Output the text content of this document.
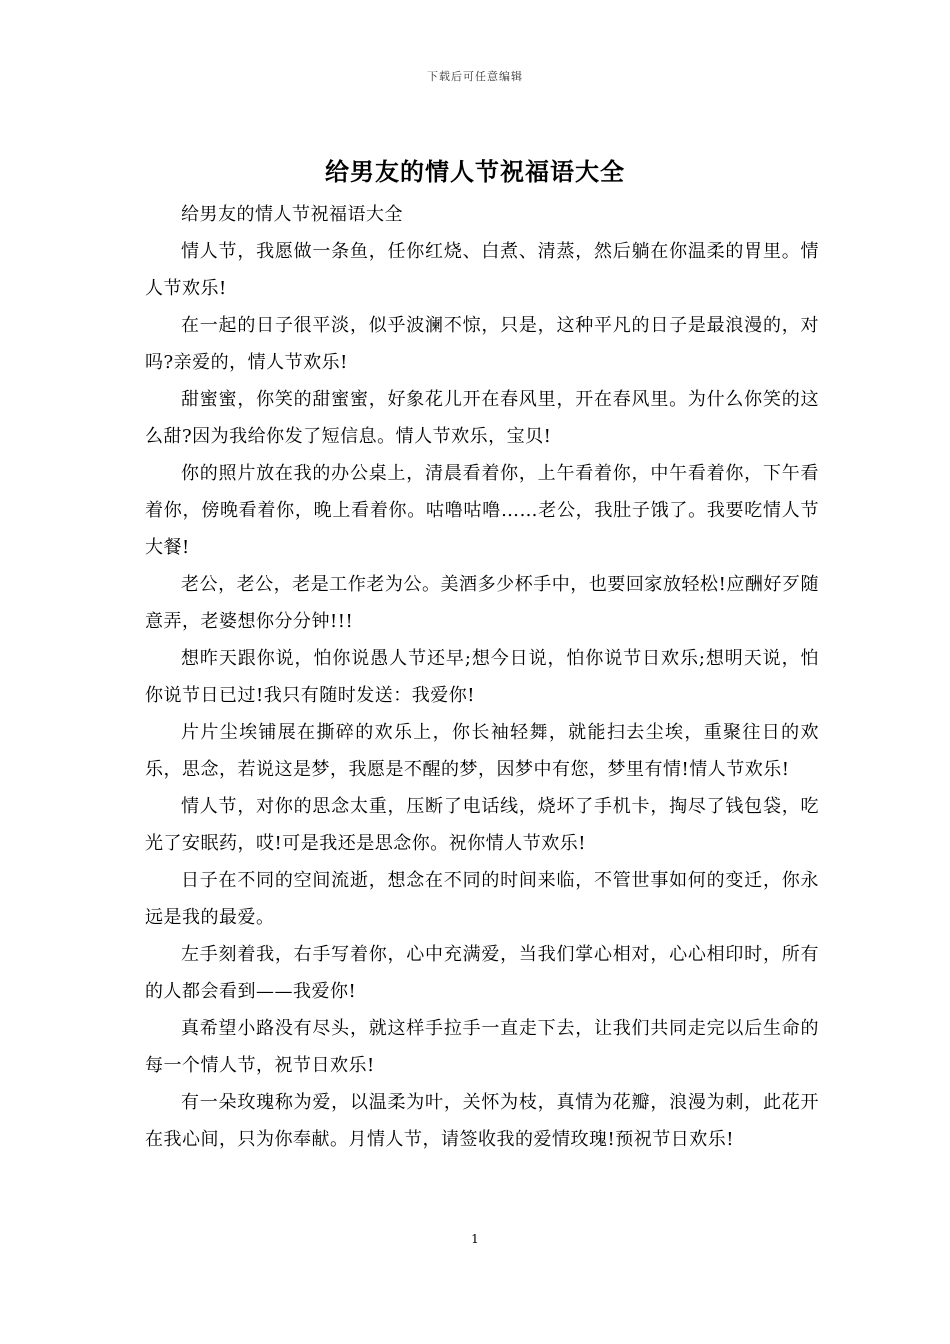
下载后可任意编辑
给男友的情人节祝福语大全

给男友的情人节祝福语大全

情人节，我愿做一条鱼，任你红烧、白煮、清蒸，然后躺在你温柔的胃里。情人节欢乐!

在一起的日子很平淡，似乎波澜不惊，只是，这种平凡的日子是最浪漫的，对吗?亲爱的，情人节欢乐!

甜蜜蜜，你笑的甜蜜蜜，好象花儿开在春风里，开在春风里。为什么你笑的这么甜?因为我给你发了短信息。情人节欢乐，宝贝!

你的照片放在我的办公桌上，清晨看着你，上午看着你，中午看着你，下午看着你，傍晚看着你，晚上看着你。咕噜咕噜……老公，我肚子饿了。我要吃情人节大餐!

老公，老公，老是工作老为公。美酒多少杯手中，也要回家放轻松!应酬好歹随意弄，老婆想你分分钟!!!

想昨天跟你说，怕你说愚人节还早;想今日说，怕你说节日欢乐;想明天说，怕你说节日已过!我只有随时发送：我爱你!

片片尘埃铺展在撕碎的欢乐上，你长袖轻舞，就能扫去尘埃，重聚往日的欢乐，思念，若说这是梦，我愿是不醒的梦，因梦中有您，梦里有情!情人节欢乐!

情人节，对你的思念太重，压断了电话线，烧坏了手机卡，掏尽了钱包袋，吃光了安眠药，哎!可是我还是思念你。祝你情人节欢乐!

日子在不同的空间流逝，想念在不同的时间来临，不管世事如何的变迁，你永远是我的最爱。

左手刻着我，右手写着你，心中充满爱，当我们掌心相对，心心相印时，所有的人都会看到——我爱你!

真希望小路没有尽头，就这样手拉手一直走下去，让我们共同走完以后生命的每一个情人节，祝节日欢乐!

有一朵玫瑰称为爱，以温柔为叶，关怀为枝，真情为花瓣，浪漫为刺，此花开在我心间，只为你奉献。月情人节，请签收我的爱情玫瑰!预祝节日欢乐!

1
